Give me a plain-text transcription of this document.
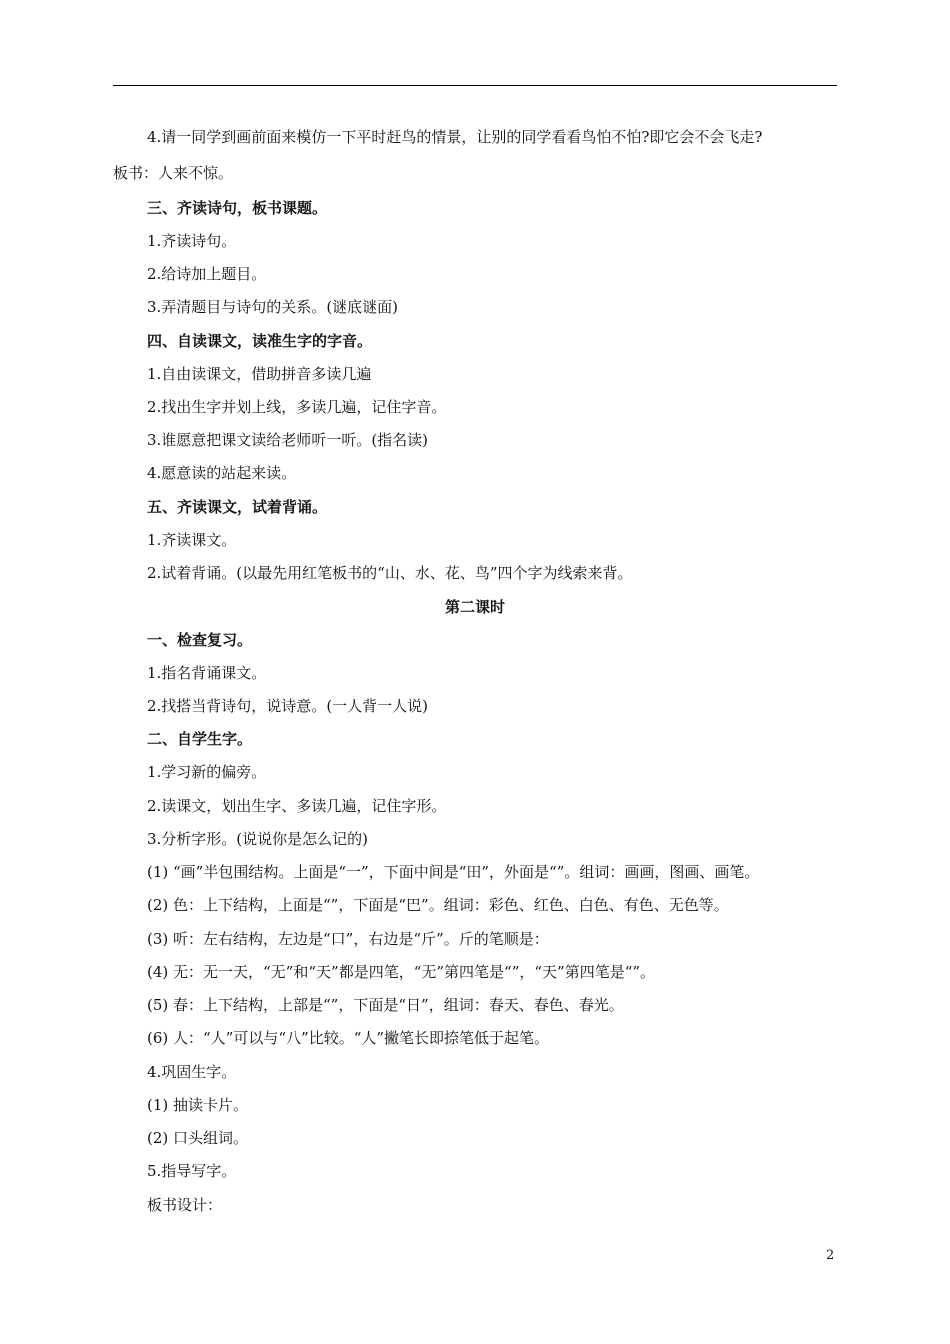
4.请一同学到画前面来模仿一下平时赶鸟的情景，让别的同学看看鸟怕不怕?即它会不会飞走?
板书：人来不惊。
三、齐读诗句，板书课题。
1.齐读诗句。
2.给诗加上题目。
3.弄清题目与诗句的关系。(谜底谜面)
四、自读课文，读准生字的字音。
1.自由读课文，借助拼音多读几遍
2.找出生字并划上线，多读几遍，记住字音。
3.谁愿意把课文读给老师听一听。(指名读)
4.愿意读的站起来读。
五、齐读课文，试着背诵。
1.齐读课文。
2.试着背诵。(以最先用红笔板书的“山、水、花、鸟”四个字为线索来背。
第二课时
一、检查复习。
1.指名背诵课文。
2.找搭当背诗句，说诗意。(一人背一人说)
二、自学生字。
1.学习新的偏旁。
2.读课文，划出生字、多读几遍，记住字形。
3.分析字形。(说说你是怎么记的)
(1) “画”半包围结构。上面是“一”，下面中间是“田”，外面是“”。组词：画画，图画、画笔。
(2) 色：上下结构，上面是“”，下面是“巴”。组词：彩色、红色、白色、有色、无色等。
(3) 听：左右结构，左边是“口”，右边是“斤”。斤的笔顺是：
(4) 无：无一天，“无”和“天”都是四笔，“无”第四笔是“”，“天”第四笔是“”。
(5) 春：上下结构，上部是“”，下面是“日”，组词：春天、春色、春光。
(6) 人：“人”可以与“八”比较。“人”撇笔长即捺笔低于起笔。
4.巩固生字。
(1) 抽读卡片。
(2) 口头组词。
5.指导写字。
板书设计：
2
